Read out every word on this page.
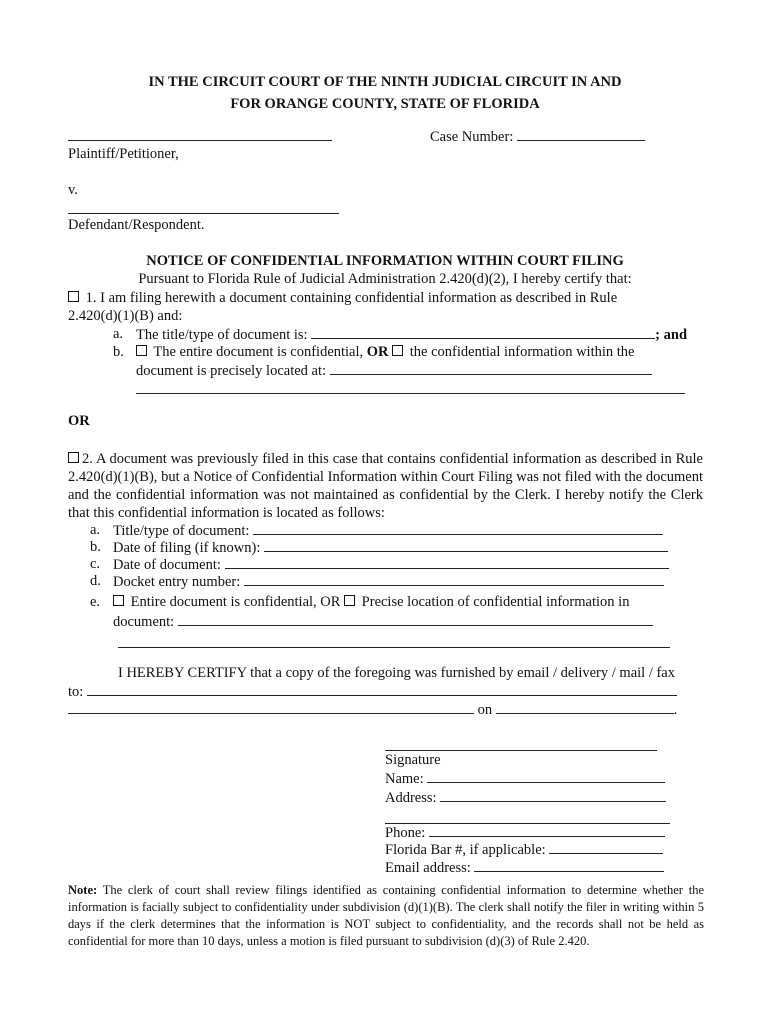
IN THE CIRCUIT COURT OF THE NINTH JUDICIAL CIRCUIT IN AND
FOR ORANGE COUNTY, STATE OF FLORIDA
Case Number:
Plaintiff/Petitioner,
v.
Defendant/Respondent.
NOTICE OF CONFIDENTIAL INFORMATION WITHIN COURT FILING
Pursuant to Florida Rule of Judicial Administration 2.420(d)(2), I hereby certify that:
1. I am filing herewith a document containing confidential information as described in Rule
2.420(d)(1)(B) and:
a. The title/type of document is:	; and
b.	The entire document is confidential, OR the confidential information within the
document is precisely located at:
OR
2. A document was previously filed in this case that contains confidential information as described in Rule 2.420(d)(1)(B), but a Notice of Confidential Information within Court Filing was not filed with the document and the confidential information was not maintained as confidential by the Clerk. I hereby notify the Clerk that this confidential information is located as follows:
a. Title/type of document:
b. Date of filing (if known):
c. Date of document:
d. Docket entry number:
e.	Entire document is confidential, OR Precise location of confidential information in
document:
I HEREBY CERTIFY that a copy of the foregoing was furnished by email / delivery / mail / fax
to:
on	.
Signature
Name:
Address:
Phone:
Florida Bar #, if applicable:
Email address:
Note: The clerk of court shall review filings identified as containing confidential information to determine whether the information is facially subject to confidentiality under subdivision (d)(1)(B). The clerk shall notify the filer in writing within 5 days if the clerk determines that the information is NOT subject to confidentiality, and the records shall not be held as confidential for more than 10 days, unless a motion is filed pursuant to subdivision (d)(3) of Rule 2.420.
